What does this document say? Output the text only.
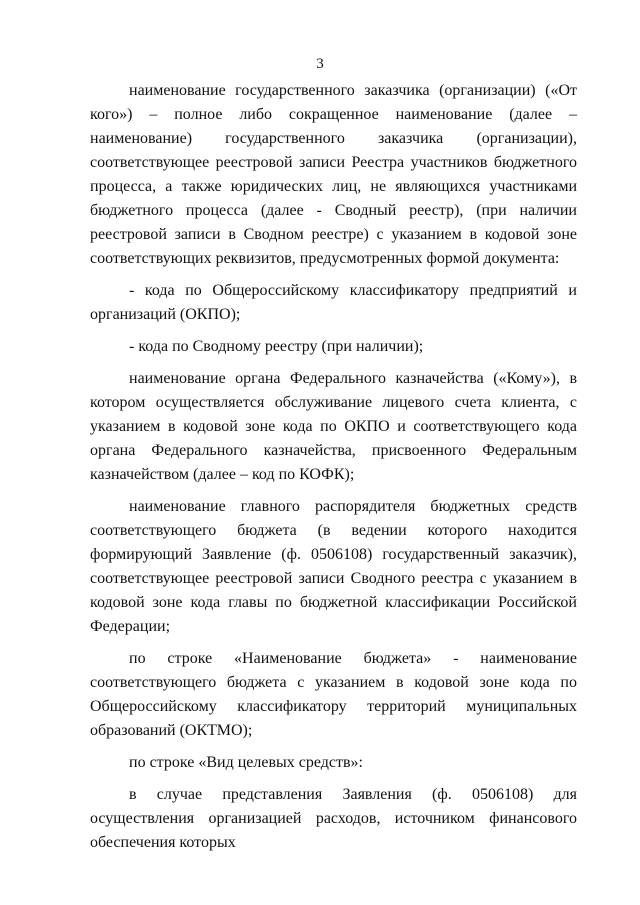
3

наименование государственного заказчика (организации) («От кого») – полное либо сокращенное наименование (далее – наименование) государственного заказчика (организации), соответствующее реестровой записи Реестра участников бюджетного процесса, а также юридических лиц, не являющихся участниками бюджетного процесса (далее - Сводный реестр), (при наличии реестровой записи в Сводном реестре) с указанием в кодовой зоне соответствующих реквизитов, предусмотренных формой документа:

- кода по Общероссийскому классификатору предприятий и организаций (ОКПО);

- кода по Сводному реестру (при наличии);

наименование органа Федерального казначейства («Кому»), в котором осуществляется обслуживание лицевого счета клиента, с указанием в кодовой зоне кода по ОКПО и соответствующего кода органа Федерального казначейства, присвоенного Федеральным казначейством (далее – код по КОФК);

наименование главного распорядителя бюджетных средств соответствующего бюджета (в ведении которого находится формирующий Заявление (ф. 0506108) государственный заказчик), соответствующее реестровой записи Сводного реестра с указанием в кодовой зоне кода главы по бюджетной классификации Российской Федерации;

по строке «Наименование бюджета» - наименование соответствующего бюджета с указанием в кодовой зоне кода по Общероссийскому классификатору территорий муниципальных образований (ОКТМО);

по строке «Вид целевых средств»:

в случае представления Заявления (ф. 0506108) для осуществления организацией расходов, источником финансового обеспечения которых
